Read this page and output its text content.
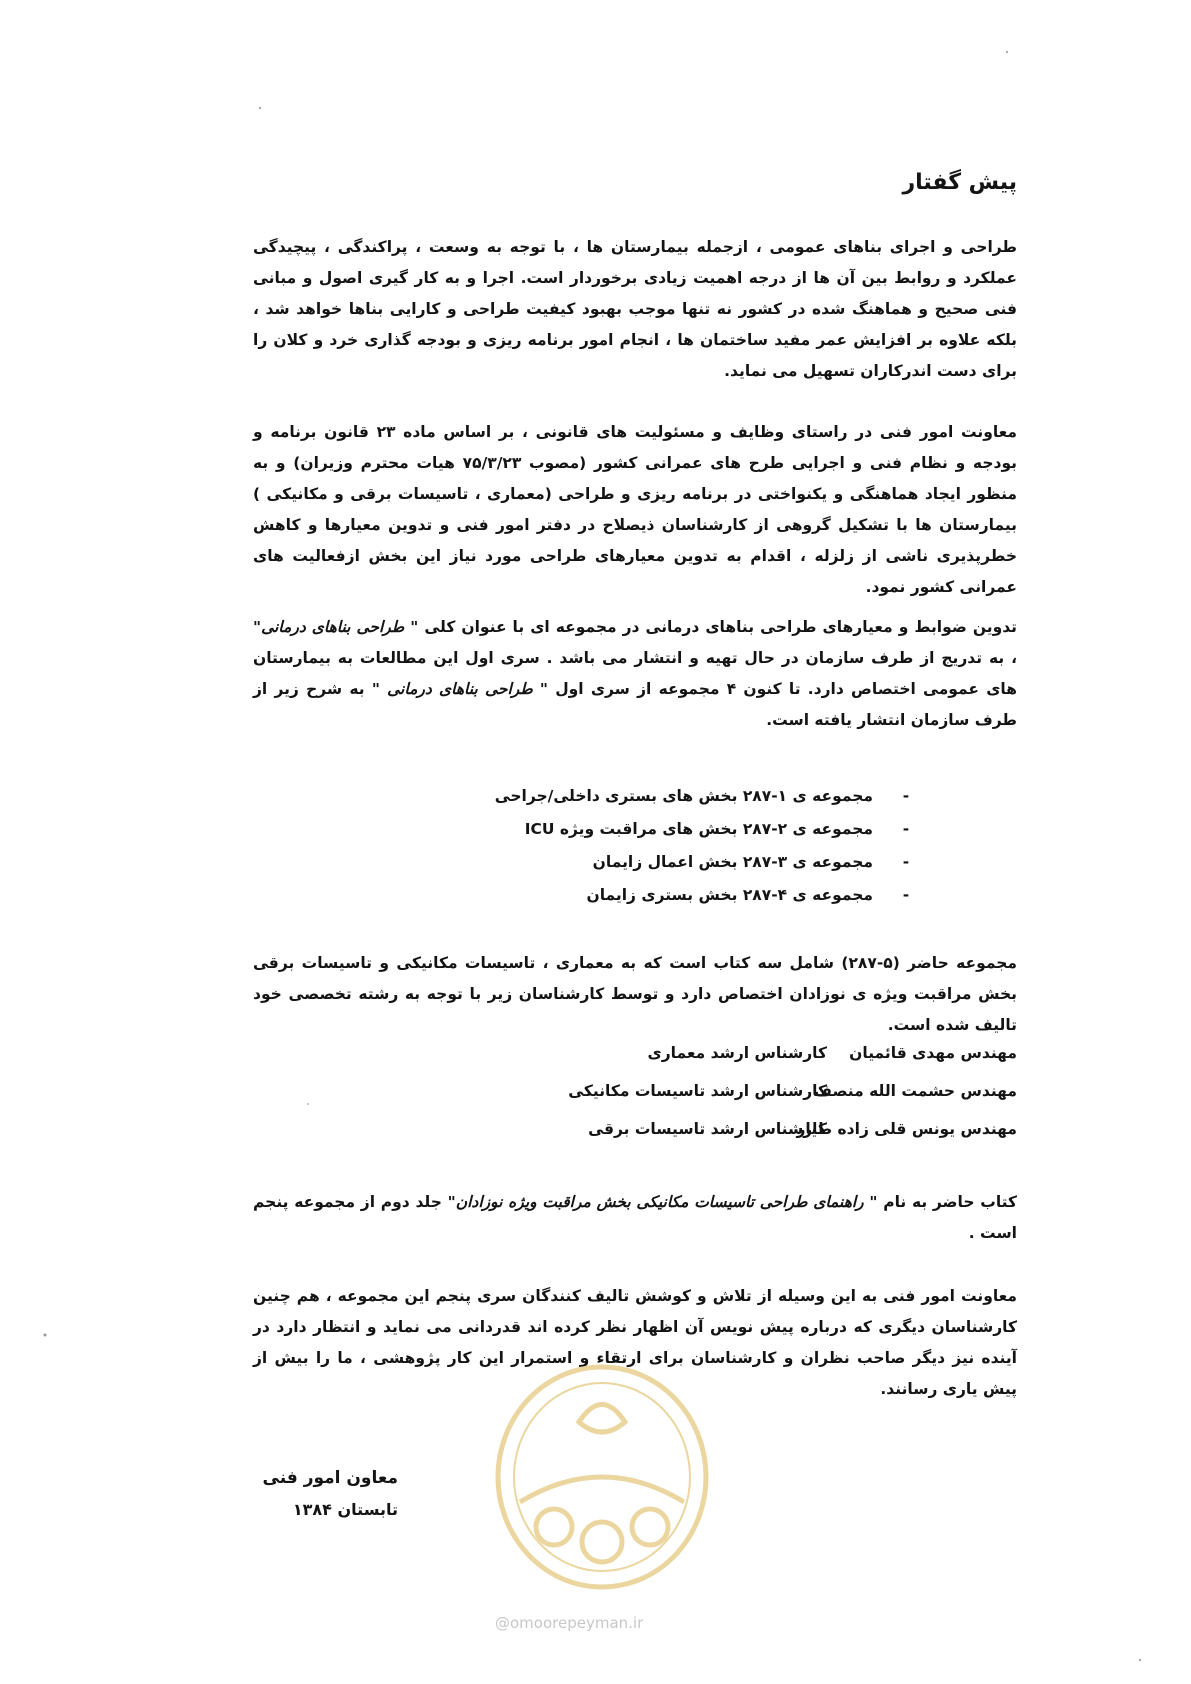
پیش گفتار

طراحی و اجرای بناهای عمومی ، ازجمله بیمارستان ها ، با توجه به وسعت ، پراکندگی ، پیچیدگی عملکرد و روابط بین آن ها از درجه اهمیت زیادی برخوردار است. اجرا و به کار گیری اصول و مبانی فنی صحیح و هماهنگ شده در کشور نه تنها موجب بهبود کیفیت طراحی و کارایی بناها خواهد شد ، بلکه علاوه بر افزایش عمر مفید ساختمان ها ، انجام امور برنامه ریزی و بودجه گذاری خرد و کلان را برای دست اندرکاران تسهیل می نماید.

معاونت امور فنی در راستای وظایف و مسئولیت های قانونی ، بر اساس ماده ۲۳ قانون برنامه و بودجه و نظام فنی و اجرایی طرح های عمرانی کشور (مصوب ۷۵/۳/۲۳ هیات محترم وزیران) و به منظور ایجاد هماهنگی و یکنواختی در برنامه ریزی و طراحی (معماری ، تاسیسات برقی و مکانیکی ) بیمارستان ها با تشکیل گروهی از کارشناسان ذیصلاح در دفتر امور فنی و تدوین معیارها و کاهش خطرپذیری ناشی از زلزله ، اقدام به تدوین معیارهای طراحی مورد نیاز این بخش ازفعالیت های عمرانی کشور نمود.

تدوین ضوابط و معیارهای طراحی بناهای درمانی در مجموعه ای با عنوان کلی " طراحی بناهای درمانی" ، به تدریج از طرف سازمان در حال تهیه و انتشار می باشد . سری اول این مطالعات به بیمارستان های عمومی اختصاص دارد. تا کنون ۴ مجموعه از سری اول " طراحی بناهای درمانی " به شرح زیر از طرف سازمان انتشار یافته است.

-مجموعه ی ۱-۲۸۷ بخش های بستری داخلی/جراحی
-مجموعه ی ۲-۲۸۷ بخش های مراقبت ویژه ICU
-مجموعه ی ۳-۲۸۷ بخش اعمال زایمان
-مجموعه ی ۴-۲۸۷ بخش بستری زایمان

مجموعه حاضر (۵-۲۸۷) شامل سه کتاب است که به معماری ، تاسیسات مکانیکی و تاسیسات برقی بخش مراقبت ویژه ی نوزادان اختصاص دارد و توسط کارشناسان زیر با توجه به رشته تخصصی خود تالیف شده است.

مهندس مهدی قائمیانکارشناس ارشد معماری
مهندس حشمت الله منصفکارشناس ارشد تاسیسات مکانیکی
مهندس یونس قلی زاده طیارکارشناس ارشد تاسیسات برقی

کتاب حاضر به نام " راهنمای طراحی تاسیسات مکانیکی بخش مراقبت ویژه نوزادان" جلد دوم از مجموعه پنجم است .

معاونت امور فنی به این وسیله از تلاش و کوشش تالیف کنندگان سری پنجم این مجموعه ، هم چنین کارشناسان دیگری که درباره پیش نویس آن اظهار نظر کرده اند قدردانی می نماید و انتظار دارد در آینده نیز دیگر صاحب نظران و کارشناسان برای ارتقاء و استمرار این کار پژوهشی ، ما را بیش از پیش یاری رسانند.

معاون امور فنی

تابستان ۱۳۸۴

@omoorepeyman.ir
